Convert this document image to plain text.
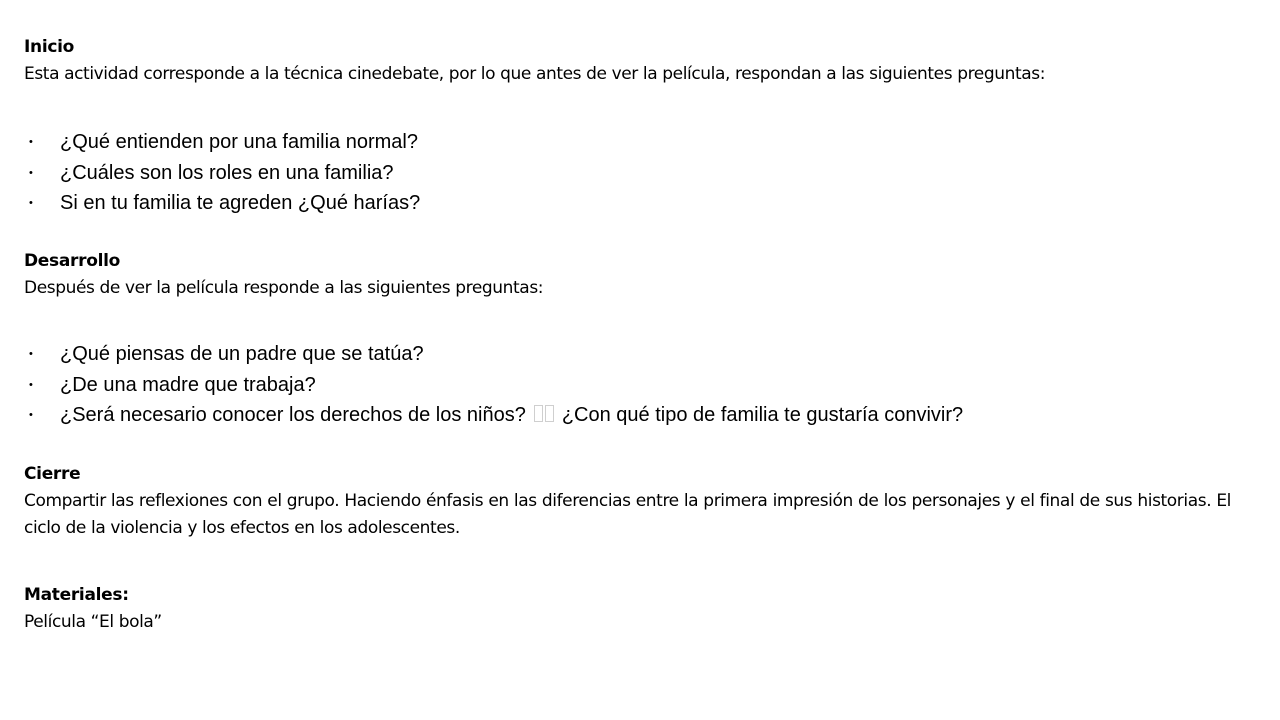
Inicio
Esta actividad corresponde a la técnica cinedebate, por lo que antes de ver la película, respondan a las siguientes preguntas:
• ¿Qué entienden por una familia normal?
• ¿Cuáles son los roles en una familia?
• Si en tu familia te agreden ¿Qué harías?
Desarrollo
Después de ver la película responde a las siguientes preguntas:
• ¿Qué piensas de un padre que se tatúa?
• ¿De una madre que trabaja?
• ¿Será necesario conocer los derechos de los niños? ¿Con qué tipo de familia te gustaría convivir?
Cierre
Compartir las reflexiones con el grupo. Haciendo énfasis en las diferencias entre la primera impresión de los personajes y el final de sus historias. El ciclo de la violencia y los efectos en los adolescentes.
Materiales:
Película “El bola”
